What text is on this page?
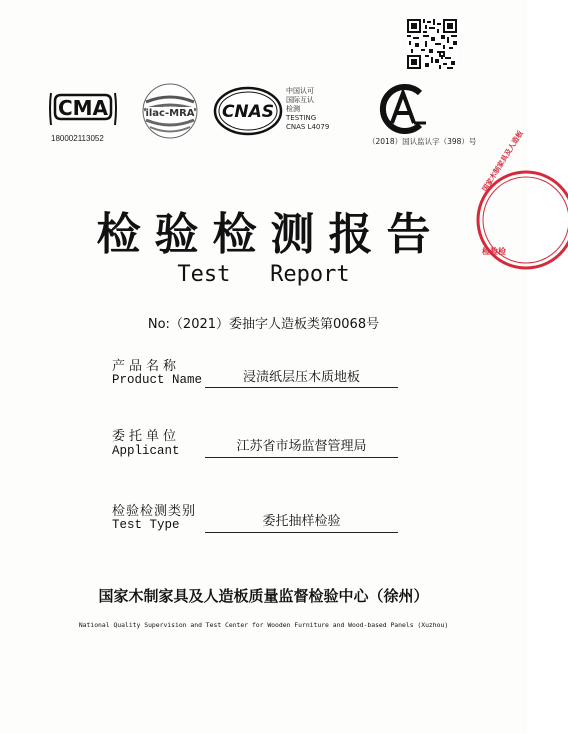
CMA
180002113052
ilac-MRA CNAS
中国认可
国际互认
检测
TESTING
CNAS L4079
CAL
（2018）国认监认字（398）号 国家木制家具及人造板
检验检
检验检测报告
Test   Report
No:（2021）委抽字人造板类第0068号
产品名称
Product Name	浸渍纸层压木质地板
委托单位
Applicant	江苏省市场监督管理局
检验检测类别
Test Type	委托抽样检验
国家木制家具及人造板质量监督检验中心（徐州）
National Quality Supervision and Test Center for Wooden Furniture and Wood-based Panels (Xuzhou)
